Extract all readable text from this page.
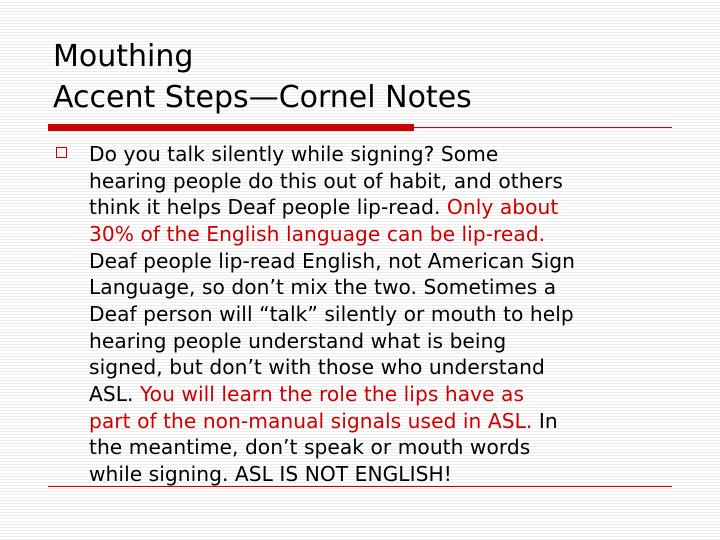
Mouthing
Accent Steps—Cornel Notes
Do you talk silently while signing? Some
hearing people do this out of habit, and others
think it helps Deaf people lip-read. Only about
30% of the English language can be lip-read.
Deaf people lip-read English, not American Sign
Language, so don’t mix the two. Sometimes a
Deaf person will “talk” silently or mouth to help
hearing people understand what is being
signed, but don’t with those who understand
ASL. You will learn the role the lips have as
part of the non-manual signals used in ASL. In
the meantime, don’t speak or mouth words
while signing. ASL IS NOT ENGLISH!
